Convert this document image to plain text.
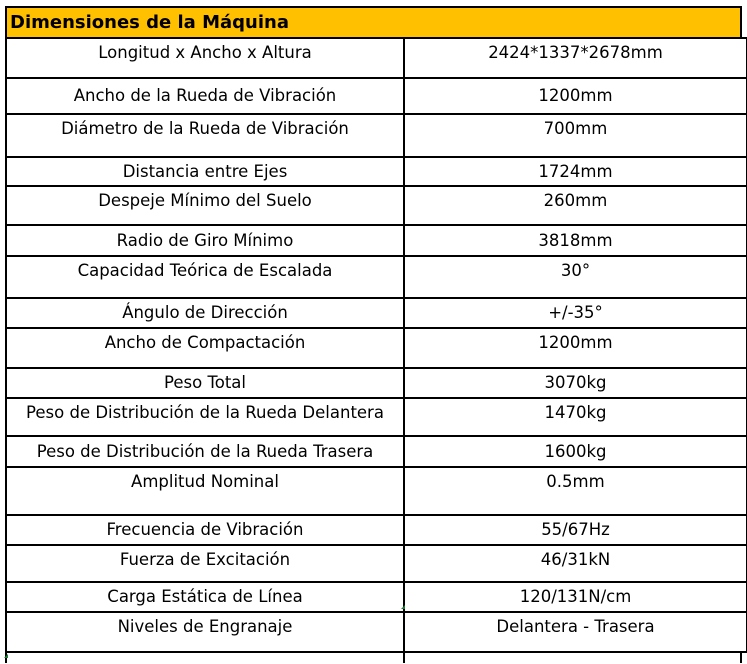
Dimensiones de la Máquina
Longitud x Ancho x Altura	2424*1337*2678mm

Ancho de la Rueda de Vibración	1200mm

Diámetro de la Rueda de Vibración	700mm

Distancia entre Ejes	1724mm

Despeje Mínimo del Suelo	260mm

Radio de Giro Mínimo	3818mm

Capacidad Teórica de Escalada	30°

Ángulo de Dirección	+/-35°

Ancho de Compactación	1200mm

Peso Total	3070kg

Peso de Distribución de la Rueda Delantera	1470kg

Peso de Distribución de la Rueda Trasera	1600kg

Amplitud Nominal	0.5mm

Frecuencia de Vibración	55/67Hz

Fuerza de Excitación	46/31kN

Carga Estática de Línea	120/131N/cm

Niveles de Engranaje	Delantera - Trasera
